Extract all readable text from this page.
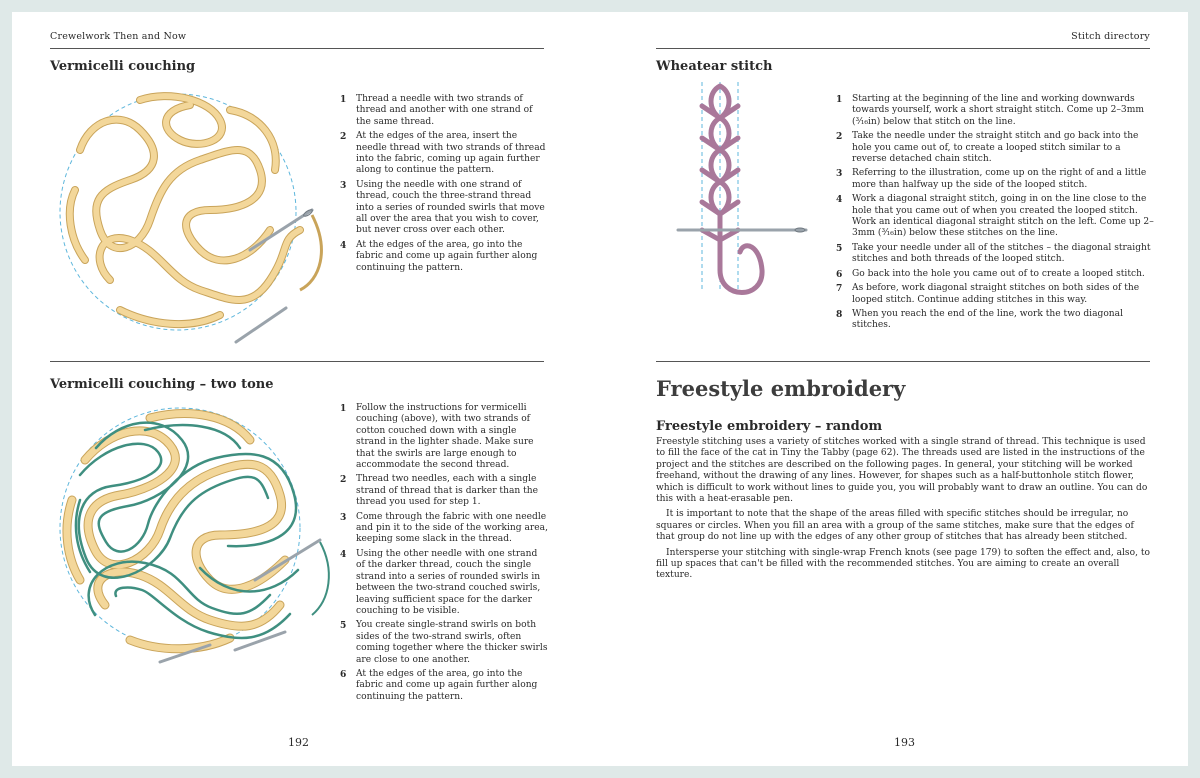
Crewelwork Then and Now
Vermicelli couching
1 Thread a needle with two strands of thread and another with one strand of the same thread.
2 At the edges of the area, insert the needle thread with two strands of thread into the fabric, coming up again further along to continue the pattern.
3 Using the needle with one strand of thread, couch the three-strand thread into a series of rounded swirls that move all over the area that you wish to cover, but never cross over each other.
4 At the edges of the area, go into the fabric and come up again further along continuing the pattern.
Vermicelli couching – two tone
1 Follow the instructions for vermicelli couching (above), with two strands of cotton couched down with a single strand in the lighter shade. Make sure that the swirls are large enough to accommodate the second thread.
2 Thread two needles, each with a single strand of thread that is darker than the thread you used for step 1.
3 Come through the fabric with one needle and pin it to the side of the working area, keeping some slack in the thread.
4 Using the other needle with one strand of the darker thread, couch the single strand into a series of rounded swirls in between the two-strand couched swirls, leaving sufficient space for the darker couching to be visible.
5 You create single-strand swirls on both sides of the two-strand swirls, often coming together where the thicker swirls are close to one another.
6 At the edges of the area, go into the fabric and come up again further along continuing the pattern.
192
Stitch directory
Wheatear stitch
1 Starting at the beginning of the line and working downwards towards yourself, work a short straight stitch. Come up 2–3mm (³⁄₁₆in) below that stitch on the line.
2 Take the needle under the straight stitch and go back into the hole you came out of, to create a looped stitch similar to a reverse detached chain stitch.
3 Referring to the illustration, come up on the right of and a little more than halfway up the side of the looped stitch.
4 Work a diagonal straight stitch, going in on the line close to the hole that you came out of when you created the looped stitch. Work an identical diagonal straight stitch on the left. Come up 2–3mm (³⁄₁₆in) below these stitches on the line.
5 Take your needle under all of the stitches – the diagonal straight stitches and both threads of the looped stitch.
6 Go back into the hole you came out of to create a looped stitch.
7 As before, work diagonal straight stitches on both sides of the looped stitch. Continue adding stitches in this way.
8 When you reach the end of the line, work the two diagonal stitches.
Freestyle embroidery
Freestyle embroidery – random

Freestyle stitching uses a variety of stitches worked with a single strand of thread. This technique is used to fill the face of the cat in Tiny the Tabby (page 62). The threads used are listed in the instructions of the project and the stitches are described on the following pages. In general, your stitching will be worked freehand, without the drawing of any lines. However, for shapes such as a half-buttonhole stitch flower, which is difficult to work without lines to guide you, you will probably want to draw an outline. You can do this with a heat-erasable pen.

It is important to note that the shape of the areas filled with specific stitches should be irregular, no squares or circles. When you fill an area with a group of the same stitches, make sure that the edges of that group do not line up with the edges of any other group of stitches that has already been stitched.

Intersperse your stitching with single-wrap French knots (see page 179) to soften the effect and, also, to fill up spaces that can't be filled with the recommended stitches. You are aiming to create an overall texture.

193
